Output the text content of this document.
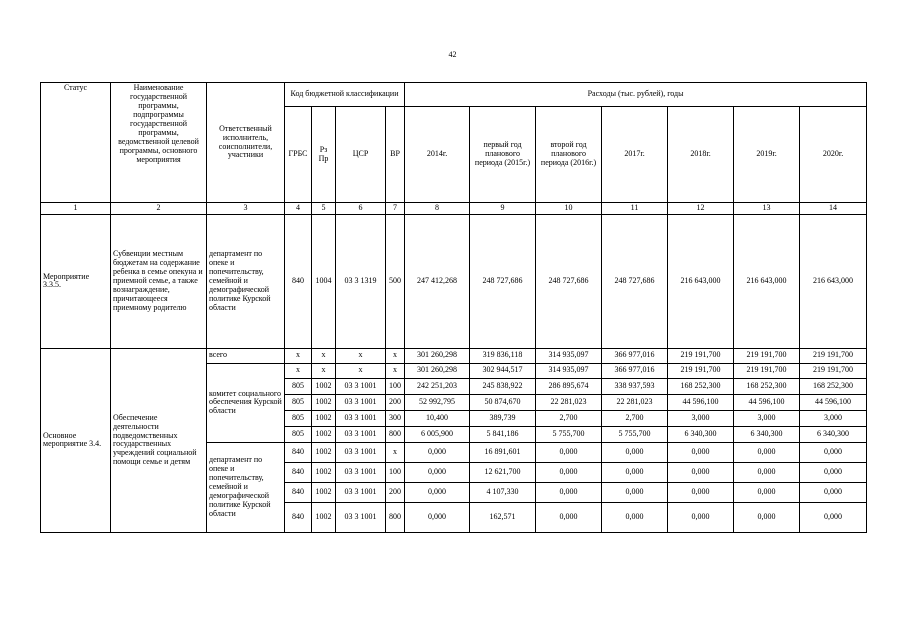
42
Статус	Наименование государственной программы, подпрограммы государственной программы, ведомственной целевой программы, основного мероприятия	Ответственный исполнитель, соисполнители, участники	Код бюджетной классификации				Расходы (тыс. рублей), годы						
			ГРБС	Рз Пр	ЦСР	ВР	2014г.	первый год планового периода (2015г.)	второй год планового периода (2016г.)	2017г.	2018г.	2019г.	2020г.
1	2	3	4	5	6	7	8	9	10	11	12	13	14
Мероприятие 3.3.5.	Субвенции местным бюджетам на содержание ребенка в семье опекуна и приемной семье, а также вознаграждение, причитающееся приемному родителю	департамент по опеке и попечительству, семейной и демографической политике Курской области	840	1004	03 3 1319	500	247 412,268	248 727,686	248 727,686	248 727,686	216 643,000	216 643,000	216 643,000
Основное мероприятие 3.4.	Обеспечение деятельности подведомственных государственных учреждений социальной помощи семье и детям	всего	х	х	х	х	301 260,298	319 836,118	314 935,097	366 977,016	219 191,700	219 191,700	219 191,700
		комитет социального обеспечения Курской области	х	х	х	х	301 260,298	302 944,517	314 935,097	366 977,016	219 191,700	219 191,700	219 191,700
			805	1002	03 3 1001	100	242 251,203	245 838,922	286 895,674	338 937,593	168 252,300	168 252,300	168 252,300
			805	1002	03 3 1001	200	52 992,795	50 874,670	22 281,023	22 281,023	44 596,100	44 596,100	44 596,100
			805	1002	03 3 1001	300	10,400	389,739	2,700	2,700	3,000	3,000	3,000
			805	1002	03 3 1001	800	6 005,900	5 841,186	5 755,700	5 755,700	6 340,300	6 340,300	6 340,300
		департамент по опеке и попечительству, семейной и демографической политике Курской области	840	1002	03 3 1001	х	0,000	16 891,601	0,000	0,000	0,000	0,000	0,000
			840	1002	03 3 1001	100	0,000	12 621,700	0,000	0,000	0,000	0,000	0,000
			840	1002	03 3 1001	200	0,000	4 107,330	0,000	0,000	0,000	0,000	0,000
			840	1002	03 3 1001	800	0,000	162,571	0,000	0,000	0,000	0,000	0,000
